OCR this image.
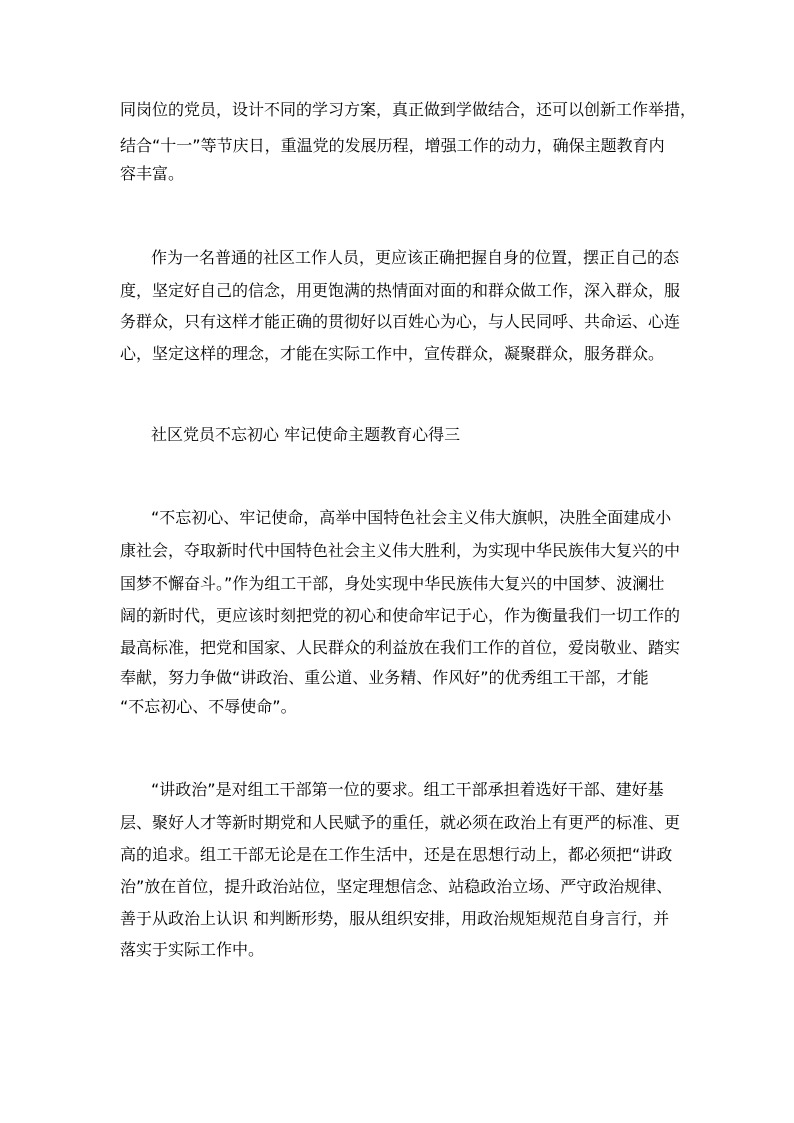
同岗位的党员，设计不同的学习方案，真正做到学做结合，还可以创新工作举措，
结合“十一”等节庆日，重温党的发展历程，增强工作的动力，确保主题教育内
容丰富。
作为一名普通的社区工作人员，更应该正确把握自身的位置，摆正自己的态
度，坚定好自己的信念，用更饱满的热情面对面的和群众做工作，深入群众，服
务群众，只有这样才能正确的贯彻好以百姓心为心，与人民同呼、共命运、心连
心，坚定这样的理念，才能在实际工作中，宣传群众，凝聚群众，服务群众。
社区党员不忘初心 牢记使命主题教育心得三
“不忘初心、牢记使命，高举中国特色社会主义伟大旗帜，决胜全面建成小
康社会，夺取新时代中国特色社会主义伟大胜利，为实现中华民族伟大复兴的中
国梦不懈奋斗。”作为组工干部，身处实现中华民族伟大复兴的中国梦、波澜壮
阔的新时代，更应该时刻把党的初心和使命牢记于心，作为衡量我们一切工作的
最高标准，把党和国家、人民群众的利益放在我们工作的首位，爱岗敬业、踏实
奉献，努力争做“讲政治、重公道、业务精、作风好”的优秀组工干部，才能
“不忘初心、不辱使命”。
“讲政治”是对组工干部第一位的要求。组工干部承担着选好干部、建好基
层、聚好人才等新时期党和人民赋予的重任，就必须在政治上有更严的标准、更
高的追求。组工干部无论是在工作生活中，还是在思想行动上，都必须把“讲政
治”放在首位，提升政治站位，坚定理想信念、站稳政治立场、严守政治规律、
善于从政治上认识 和判断形势，服从组织安排，用政治规矩规范自身言行，并
落实于实际工作中。
